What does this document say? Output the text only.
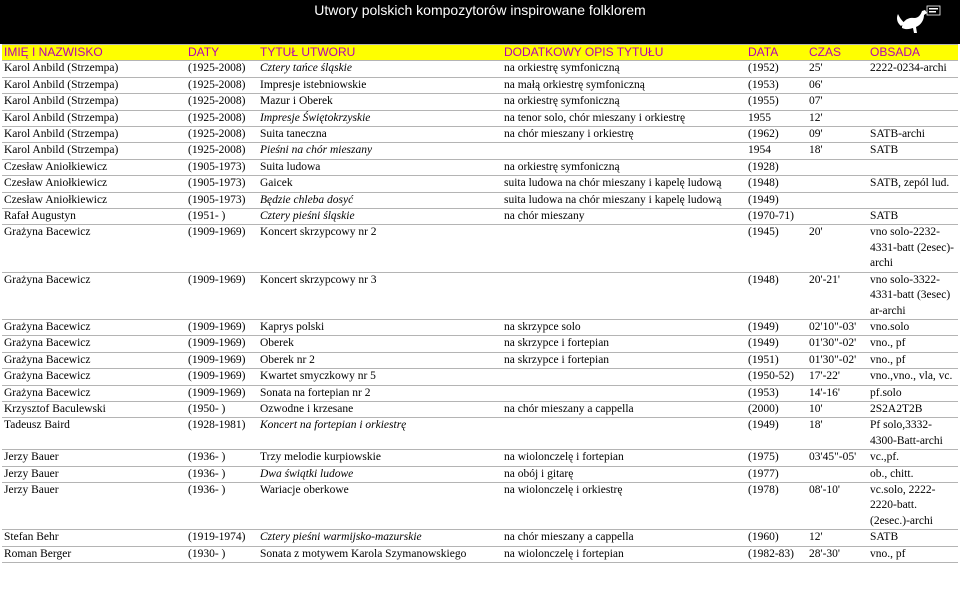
Utwory polskich kompozytorów inspirowane folklorem
IMIĘ I NAZWISKO	DATY	TYTUŁ UTWORU	DODATKOWY OPIS TYTUŁU	DATA	CZAS	OBSADA
Karol Anbild (Strzempa)	(1925-2008)	Cztery tańce śląskie	na orkiestrę symfoniczną	(1952)	25'	2222-0234-archi
Karol Anbild (Strzempa)	(1925-2008)	Impresje istebniowskie	na małą orkiestrę symfoniczną	(1953)	06'	
Karol Anbild (Strzempa)	(1925-2008)	Mazur i Oberek	na orkiestrę symfoniczną	(1955)	07'	
Karol Anbild (Strzempa)	(1925-2008)	Impresje Świętokrzyskie	na tenor solo, chór mieszany i orkiestrę	1955	12'	
Karol Anbild (Strzempa)	(1925-2008)	Suita taneczna	na chór mieszany i orkiestrę	(1962)	09'	SATB-archi
Karol Anbild (Strzempa)	(1925-2008)	Pieśni na chór mieszany		1954	18'	SATB
Czesław Aniołkiewicz	(1905-1973)	Suita ludowa	na orkiestrę symfoniczną	(1928)		
Czesław Aniołkiewicz	(1905-1973)	Gaicek	suita ludowa na chór mieszany i kapelę ludową	(1948)		SATB, zepól lud.
Czesław Aniołkiewicz	(1905-1973)	Będzie chleba dosyć	suita ludowa na chór mieszany i kapelę ludową	(1949)		
Rafał Augustyn	(1951- )	Cztery pieśni śląskie	na chór mieszany	(1970-71)		SATB
Grażyna Bacewicz	(1909-1969)	Koncert skrzypcowy nr 2		(1945)	20'	vno solo-2232-4331-batt (2esec)-archi
Grażyna Bacewicz	(1909-1969)	Koncert skrzypcowy nr 3		(1948)	20'-21'	vno solo-3322-4331-batt (3esec) ar-archi
Grażyna Bacewicz	(1909-1969)	Kaprys polski	na skrzypce solo	(1949)	02'10"-03'	vno.solo
Grażyna Bacewicz	(1909-1969)	Oberek	na skrzypce i fortepian	(1949)	01'30"-02'	vno., pf
Grażyna Bacewicz	(1909-1969)	Oberek nr 2	na skrzypce i fortepian	(1951)	01'30"-02'	vno., pf
Grażyna Bacewicz	(1909-1969)	Kwartet smyczkowy nr 5		(1950-52)	17'-22'	vno.,vno., vla, vc.
Grażyna Bacewicz	(1909-1969)	Sonata na fortepian nr 2		(1953)	14'-16'	pf.solo
Krzysztof Baculewski	(1950- )	Ozwodne i krzesane	na chór mieszany a cappella	(2000)	10'	2S2A2T2B
Tadeusz Baird	(1928-1981)	Koncert na fortepian i orkiestrę		(1949)	18'	Pf solo,3332-4300-Batt-archi
Jerzy Bauer	(1936- )	Trzy melodie kurpiowskie	na wiolonczelę i fortepian	(1975)	03'45"-05'	vc.,pf.
Jerzy Bauer	(1936- )	Dwa świątki ludowe	na obój i gitarę	(1977)		ob., chitt.
Jerzy Bauer	(1936- )	Wariacje oberkowe	na wiolonczelę i orkiestrę	(1978)	08'-10'	vc.solo, 2222-2220-batt.(2esec.)-archi
Stefan Behr	(1919-1974)	Cztery pieśni warmijsko-mazurskie	na chór mieszany a cappella	(1960)	12'	SATB
Roman Berger	(1930- )	Sonata z motywem Karola Szymanowskiego	na wiolonczelę i fortepian	(1982-83)	28'-30'	vno., pf
